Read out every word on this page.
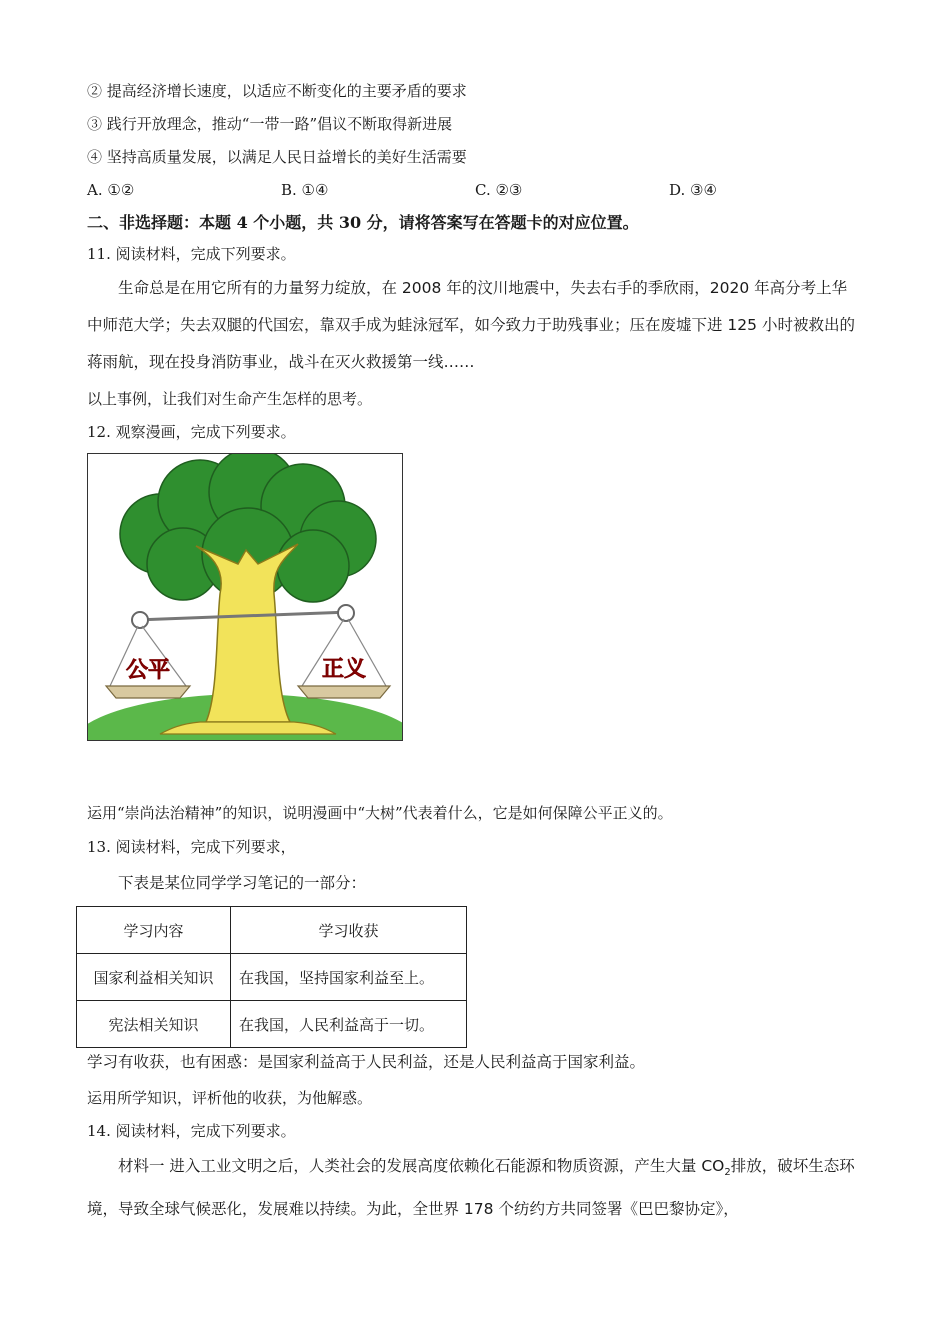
② 提高经济增长速度，以适应不断变化的主要矛盾的要求
③ 践行开放理念，推动“一带一路”倡议不断取得新进展
④ 坚持高质量发展，以满足人民日益增长的美好生活需要
A. ①②	B. ①④	C. ②③	D. ③④
二、非选择题：本题 4 个小题，共 30 分，请将答案写在答题卡的对应位置。
11. 阅读材料，完成下列要求。
生命总是在用它所有的力量努力绽放，在 2008 年的汶川地震中，失去右手的季欣雨，2020 年高分考上华中师范大学；失去双腿的代国宏，靠双手成为蛙泳冠军，如今致力于助残事业；压在废墟下进 125 小时被救出的蒋雨航，现在投身消防事业，战斗在灭火救援第一线……
以上事例，让我们对生命产生怎样的思考。
12. 观察漫画，完成下列要求。
公平	正义
运用“崇尚法治精神”的知识，说明漫画中“大树”代表着什么，它是如何保障公平正义的。
13. 阅读材料，完成下列要求，
下表是某位同学学习笔记的一部分：
学习内容	学习收获
国家利益相关知识	在我国，坚持国家利益至上。
宪法相关知识	在我国，人民利益高于一切。
学习有收获，也有困惑：是国家利益高于人民利益，还是人民利益高于国家利益。
运用所学知识，评析他的收获，为他解惑。
14. 阅读材料，完成下列要求。
材料一 进入工业文明之后，人类社会的发展高度依赖化石能源和物质资源，产生大量 $CO_2$排放，破坏生态环境，导致全球气候恶化，发展难以持续。为此，全世界 178 个纺约方共同签署《巴巴黎协定》，
